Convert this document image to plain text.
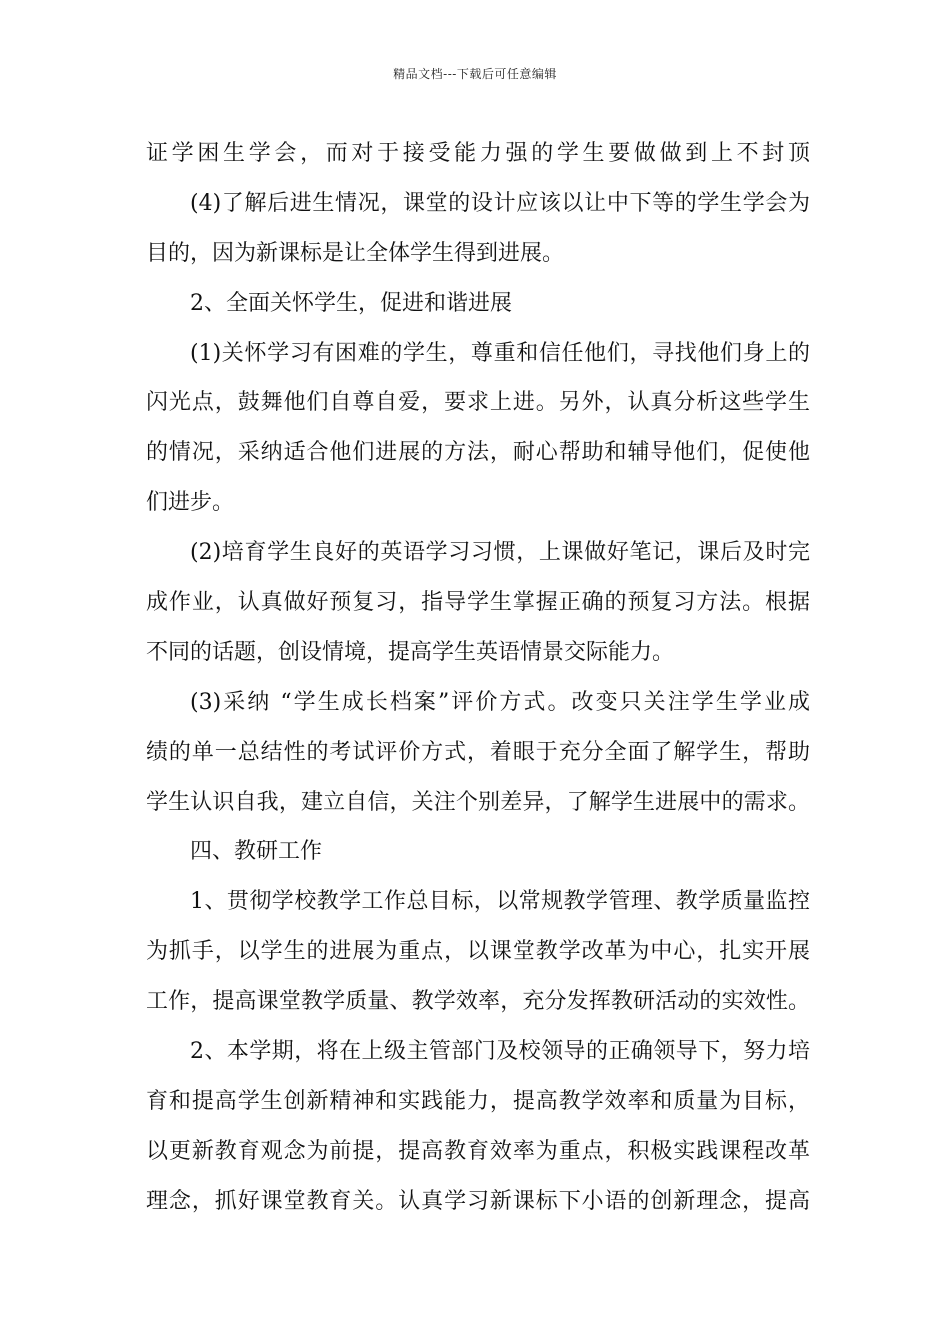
精品文档---下载后可任意编辑
证学困生学会，而对于接受能力强的学生要做做到上不封顶
(4)了解后进生情况，课堂的设计应该以让中下等的学生学会为
目的，因为新课标是让全体学生得到进展。
2、全面关怀学生，促进和谐进展
(1)关怀学习有困难的学生，尊重和信任他们，寻找他们身上的
闪光点，鼓舞他们自尊自爱，要求上进。另外，认真分析这些学生
的情况，采纳适合他们进展的方法，耐心帮助和辅导他们，促使他
们进步。
(2)培育学生良好的英语学习习惯，上课做好笔记，课后及时完
成作业，认真做好预复习，指导学生掌握正确的预复习方法。根据
不同的话题，创设情境，提高学生英语情景交际能力。
(3)采纳 “学生成长档案”评价方式。改变只关注学生学业成
绩的单一总结性的考试评价方式，着眼于充分全面了解学生，帮助
学生认识自我，建立自信，关注个别差异，了解学生进展中的需求。
四、教研工作
1、贯彻学校教学工作总目标，以常规教学管理、教学质量监控
为抓手，以学生的进展为重点，以课堂教学改革为中心，扎实开展
工作，提高课堂教学质量、教学效率，充分发挥教研活动的实效性。
2、本学期，将在上级主管部门及校领导的正确领导下，努力培
育和提高学生创新精神和实践能力，提高教学效率和质量为目标，
以更新教育观念为前提，提高教育效率为重点，积极实践课程改革
理念，抓好课堂教育关。认真学习新课标下小语的创新理念，提高
